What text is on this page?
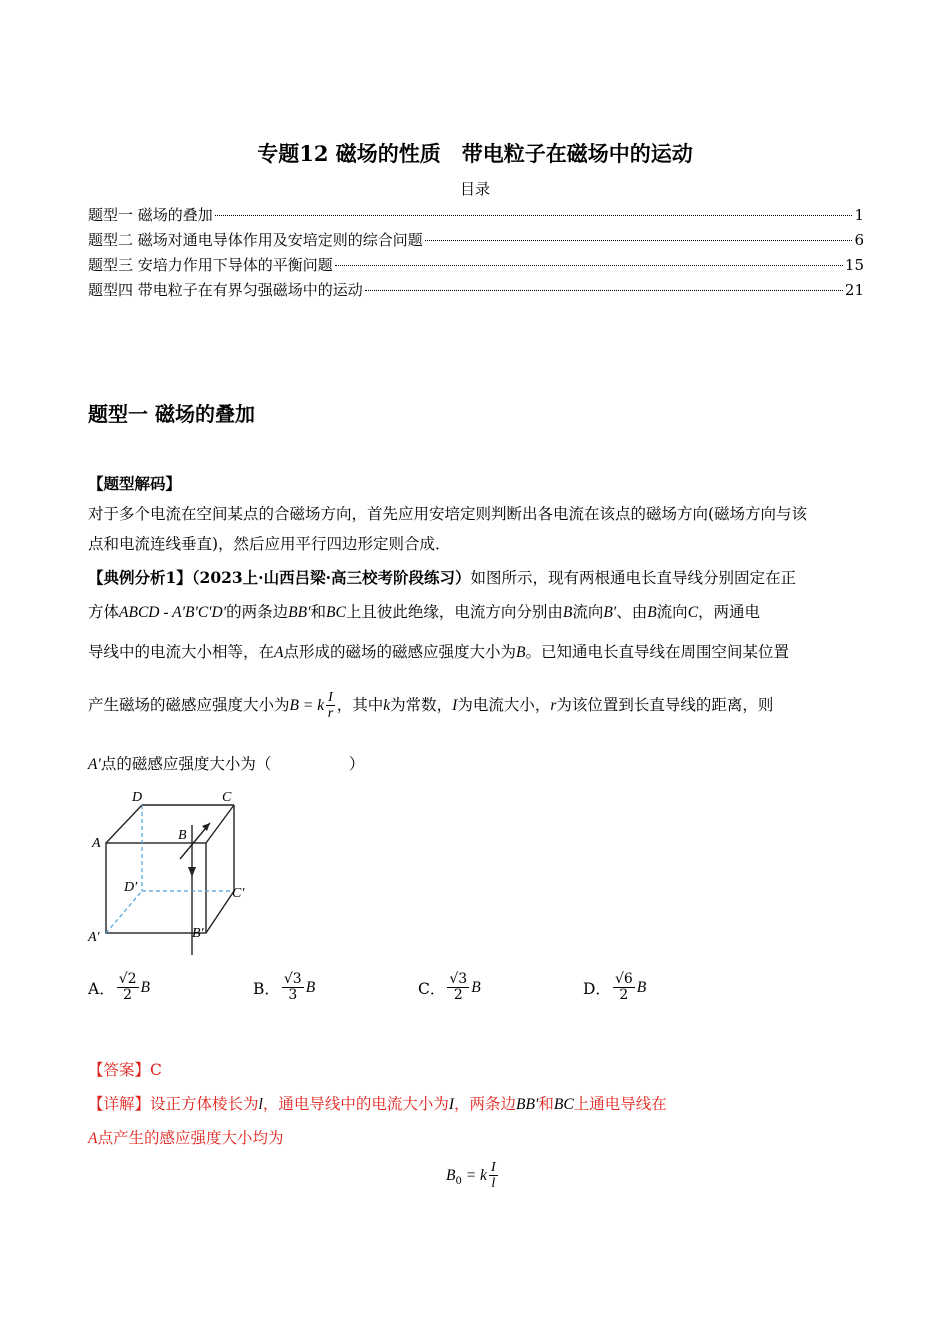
专题12 磁场的性质　带电粒子在磁场中的运动
目录
题型一 磁场的叠加	1
题型二 磁场对通电导体作用及安培定则的综合问题	6
题型三 安培力作用下导体的平衡问题	15
题型四 带电粒子在有界匀强磁场中的运动	21
题型一 磁场的叠加
【题型解码】
对于多个电流在空间某点的合磁场方向，首先应用安培定则判断出各电流在该点的磁场方向(磁场方向与该
点和电流连线垂直)，然后应用平行四边形定则合成．
【典例分析1】（2023上·山西吕梁·高三校考阶段练习）如图所示，现有两根通电长直导线分别固定在正
方体ABCD - A′B′C′D′的两条边BB′和BC上且彼此绝缘，电流方向分别由B流向B′、由B流向C，两通电
导线中的电流大小相等，在A点形成的磁场的磁感应强度大小为B。已知通电长直导线在周围空间某位置
产生磁场的磁感应强度大小为B = k $\frac{I}{r}$ ，其中k为常数，I为电流大小，r为该位置到长直导线的距离，则
A′点的磁感应强度大小为（　　　　　）
D	C
B
A
D′	C′
A′	B′
A． $\frac{√2}{2}$ B	B． $\frac{√3}{3}$ B	C． $\frac{√3}{2}$ B	D． $\frac{√6}{2}$ B
【答案】C
【详解】设正方体棱长为l，通电导线中的电流大小为I，两条边BB′和BC上通电导线在
A点产生的感应强度大小均为
$B_0 = k \frac{I}{l}$
